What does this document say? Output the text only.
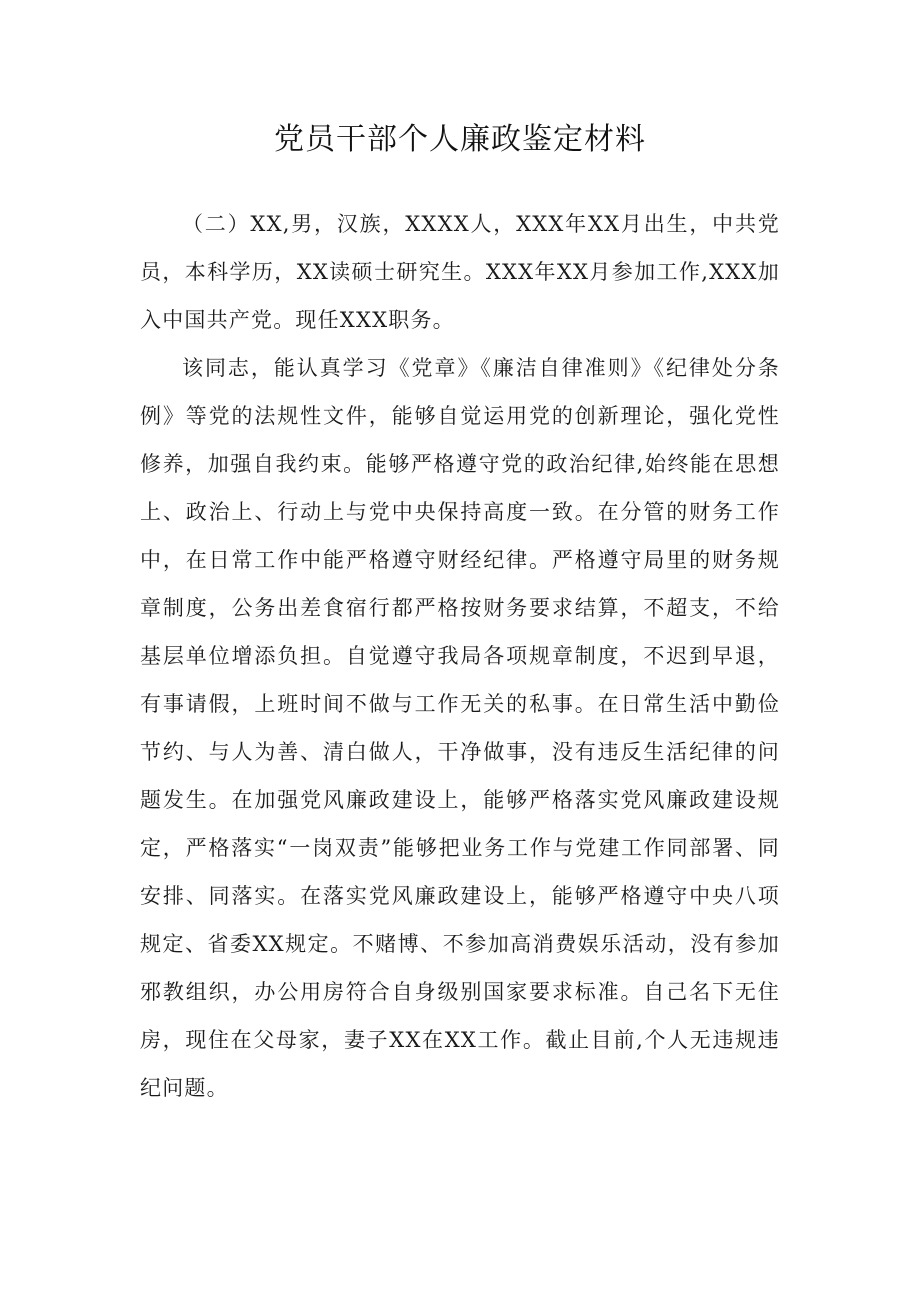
党员干部个人廉政鉴定材料

（二）XX,男，汉族，XXXX人，XXX年XX月出生，中共党员，本科学历，XX读硕士研究生。XXX年XX月参加工作,XXX加入中国共产党。现任XXX职务。

该同志，能认真学习《党章》《廉洁自律准则》《纪律处分条例》等党的法规性文件，能够自觉运用党的创新理论，强化党性修养，加强自我约束。能够严格遵守党的政治纪律,始终能在思想上、政治上、行动上与党中央保持高度一致。在分管的财务工作中，在日常工作中能严格遵守财经纪律。严格遵守局里的财务规章制度，公务出差食宿行都严格按财务要求结算，不超支，不给基层单位增添负担。自觉遵守我局各项规章制度，不迟到早退，有事请假，上班时间不做与工作无关的私事。在日常生活中勤俭节约、与人为善、清白做人，干净做事，没有违反生活纪律的问题发生。在加强党风廉政建设上，能够严格落实党风廉政建设规定，严格落实“一岗双责”能够把业务工作与党建工作同部署、同安排、同落实。在落实党风廉政建设上，能够严格遵守中央八项规定、省委XX规定。不赌博、不参加高消费娱乐活动，没有参加邪教组织，办公用房符合自身级别国家要求标准。自己名下无住房，现住在父母家，妻子XX在XX工作。截止目前,个人无违规违纪问题。
